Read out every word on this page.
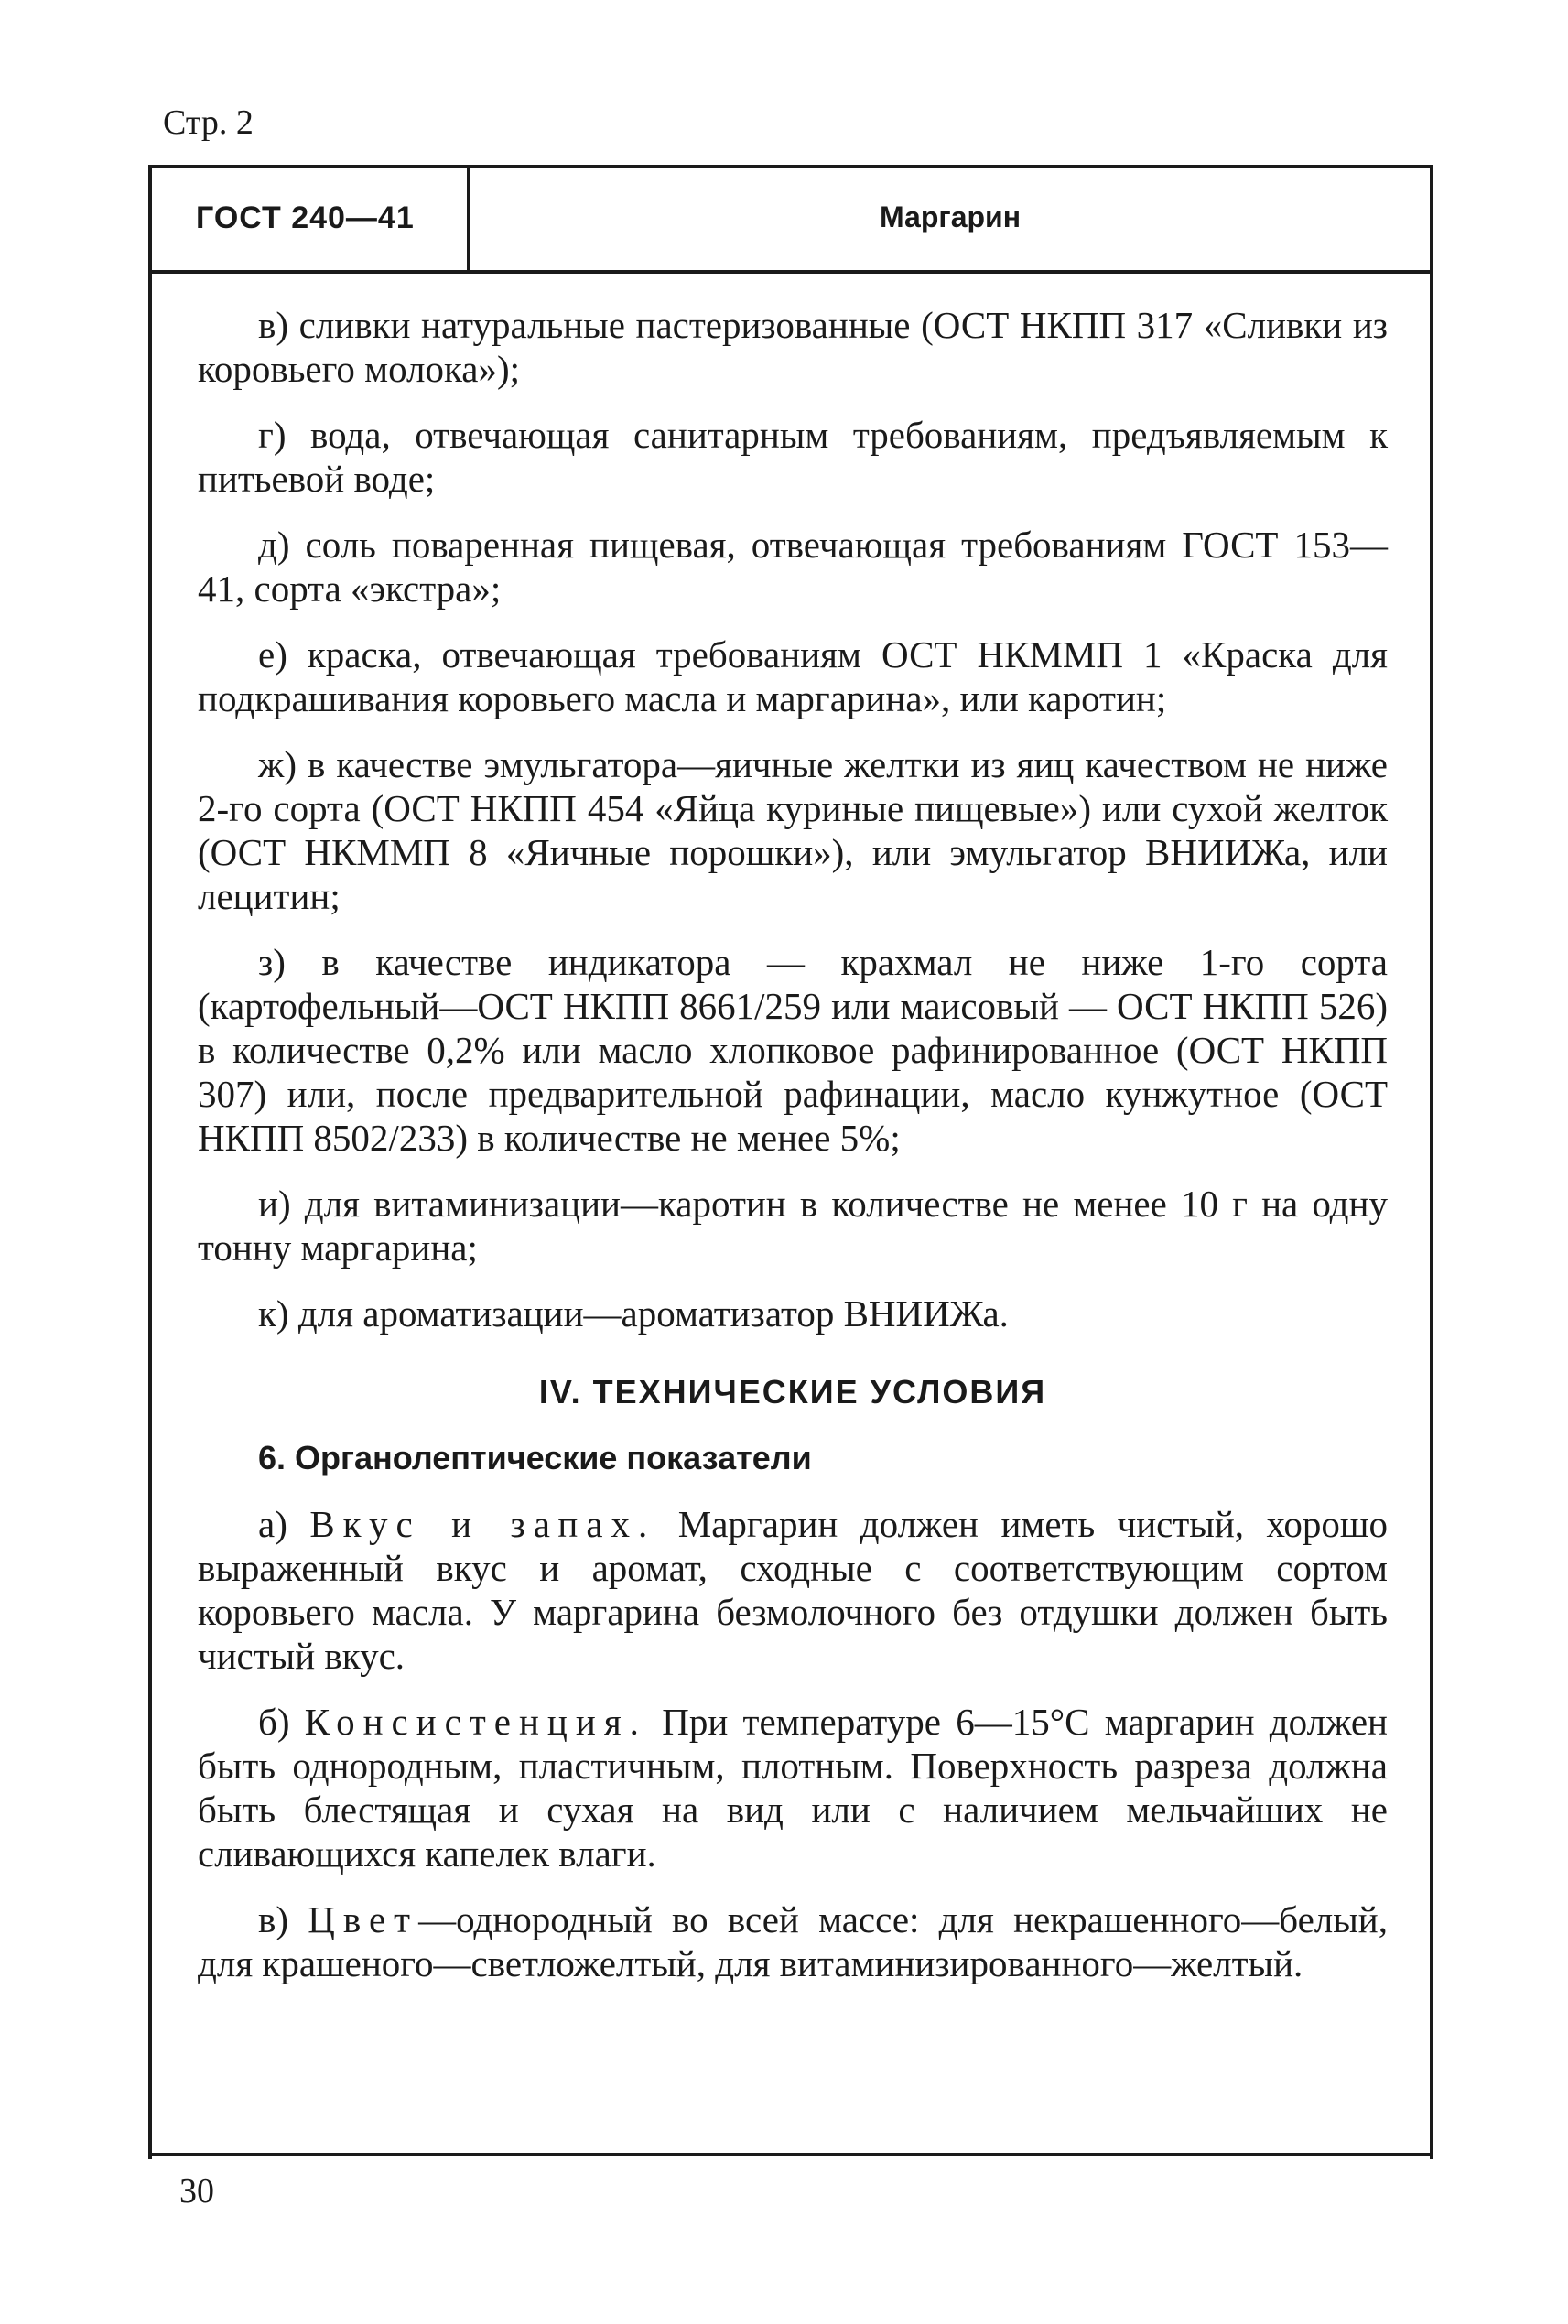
Стр. 2
ГОСТ 240—41	Маргарин

в) сливки натуральные пастеризованные (ОСТ НКПП 317 «Сливки из коровьего молока»);

г) вода, отвечающая санитарным требованиям, предъявляемым к питьевой воде;

д) соль поваренная пищевая, отвечающая требованиям ГОСТ 153—41, сорта «экстра»;

е) краска, отвечающая требованиям ОСТ НКММП 1 «Краска для подкрашивания коровьего масла и маргарина», или каротин;

ж) в качестве эмульгатора—яичные желтки из яиц качеством не ниже 2-го сорта (ОСТ НКПП 454 «Яйца куриные пищевые») или сухой желток (ОСТ НКММП 8 «Яичные порошки»), или эмульгатор ВНИИЖа, или лецитин;

з) в качестве индикатора — крахмал не ниже 1-го сорта (картофельный—ОСТ НКПП 8661/259 или маисовый — ОСТ НКПП 526) в количестве 0,2% или масло хлопковое рафинированное (ОСТ НКПП 307) или, после предварительной рафинации, масло кунжутное (ОСТ НКПП 8502/233) в количестве не менее 5%;

и) для витаминизации—каротин в количестве не менее 10 г на одну тонну маргарина;

к) для ароматизации—ароматизатор ВНИИЖа.

IV. ТЕХНИЧЕСКИЕ УСЛОВИЯ
6. Органолептические показатели

а) Вкус и запах. Маргарин должен иметь чистый, хорошо выраженный вкус и аромат, сходные с соответствующим сортом коровьего масла. У маргарина безмолочного без отдушки должен быть чистый вкус.

б) Консистенция. При температуре 6—15°С маргарин должен быть однородным, пластичным, плотным. Поверхность разреза должна быть блестящая и сухая на вид или с наличием мельчайших не сливающихся капелек влаги.

в) Цвет—однородный во всей массе: для некрашенного—белый, для крашеного—светложелтый, для витаминизированного—желтый.

30
